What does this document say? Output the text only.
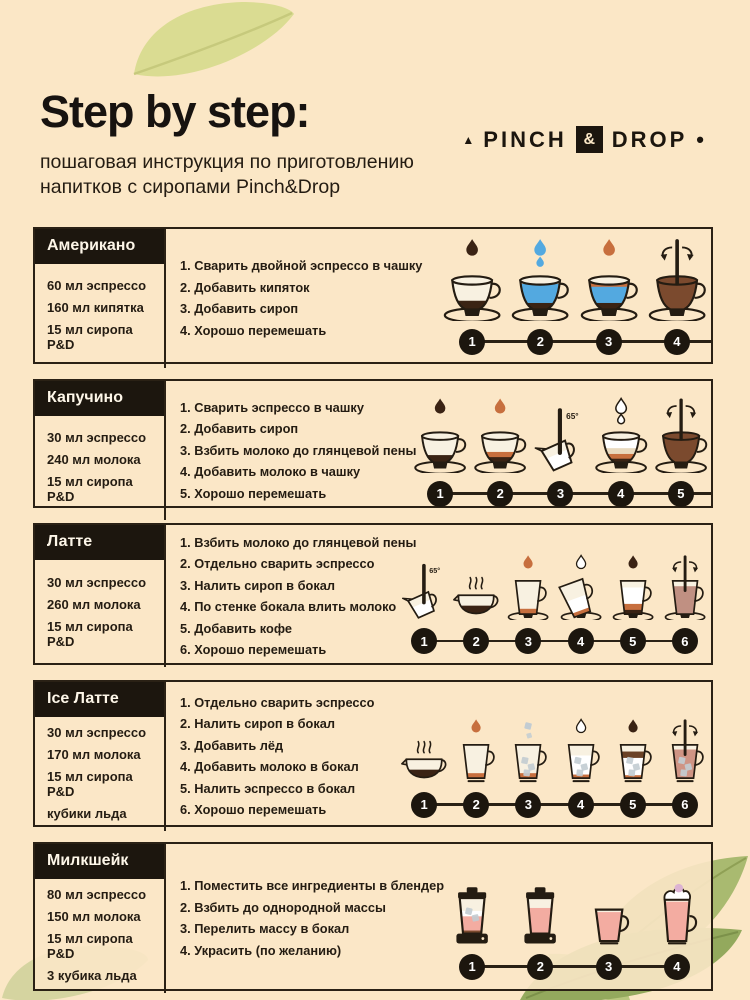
▲ PINCH	& DROP •
Step by step:
пошаговая инструкция по приготовлению
напитков с сиропами Pinch&Drop
Американо
60 мл эспрессо
160 мл кипятка
15 мл сиропа P&D
1. Сварить двойной эспрессо в чашку
2. Добавить кипяток
3. Добавить сироп
4. Хорошо перемешать
1	2	3	4
Капучино
30 мл эспрессо
240 мл молока
15 мл сиропа P&D
1. Сварить эспрессо в чашку
2. Добавить сироп
3. Взбить молоко до глянцевой пены
4. Добавить молоко в чашку
5. Хорошо перемешать
65°
1	2	3	4	5
Латте
30 мл эспрессо
260 мл молока
15 мл сиропа P&D
1. Взбить молоко до глянцевой пены
2. Отдельно сварить эспрессо
3. Налить сироп в бокал
4. По стенке бокала влить молоко
5. Добавить кофе
6. Хорошо перемешать
65°
1	2	3	4	5	6
Ice Латте
30 мл эспрессо
170 мл молока
15 мл сиропа P&D
кубики льда
1. Отдельно сварить эспрессо
2. Налить сироп в бокал
3. Добавить лёд
4. Добавить молоко в бокал
5. Налить эспрессо в бокал
6. Хорошо перемешать	1	2	3	4	5	6
Милкшейк
80 мл эспрессо
150 мл молока
15 мл сиропа P&D
3 кубика льда
1. Поместить все ингредиенты в блендер
2. Взбить до однородной массы
3. Перелить массу в бокал
4. Украсить (по желанию)
1	2	3	4
